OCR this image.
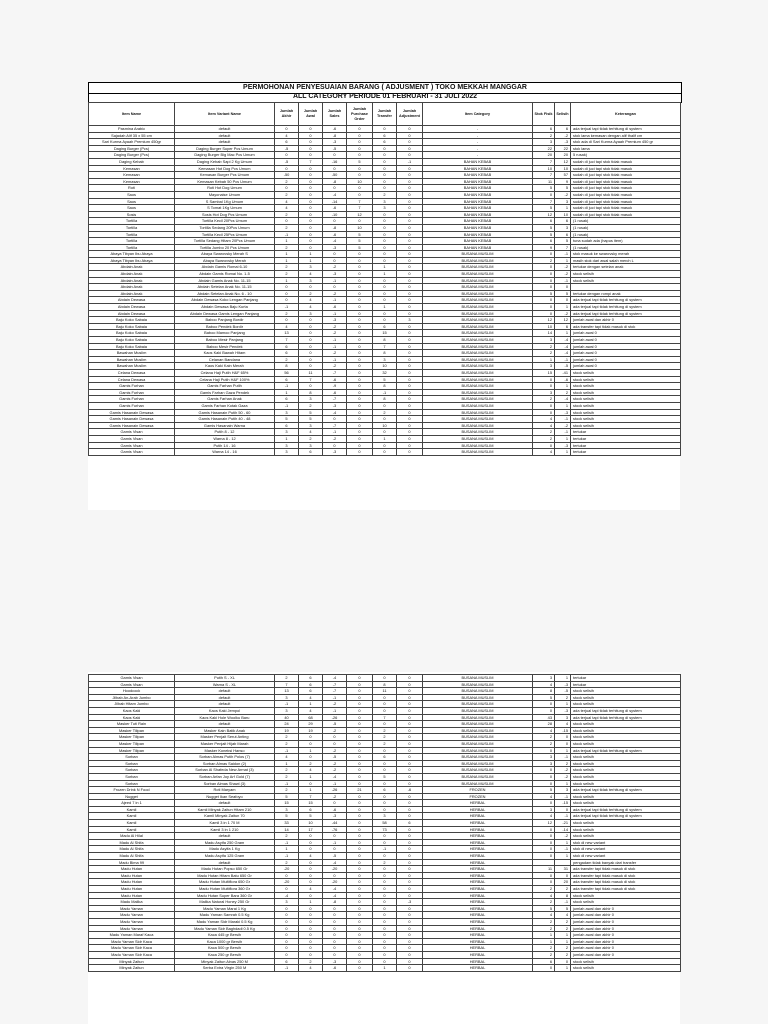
PERMOHONAN PENYESUAIAN BARANG ( ADJUSMENT ) TOKO MEKKAH MANGGAR
ALL CATEGORY PERIODE 01 FEBRUARI - 31 JULI 2022
Item Name	Item Variant Name	Jumlah Akhir	Jumlah Awal	Jumlah Sales	Jumlah Purchase Order	Jumlah Transfer	Jumlah Adjustment	Item Category	Stok Fisik	Selisih	Keterangan
Pasmina Arabic	default	0	0	-6	0	0	0	-	6	6	ada terjual tapi tidak terhitung di system
Sajadah Alif 35 x 55 cm	default	4	0	-8	0	6	0	-	2	-2	stok lama kemasan dengan alif thalif cm
Sari Kurma Ayaah Premium 450gr	default	6	0	-3	0	6	0	-	3	-3	stok ada di Sari Kurma Ayaah Premium 450 gr
Daging Burger (Pcs)	Daging Burger Super Pcs Umum	-5	0	-5	0	0	0	-	22	22	stok lama
Daging Burger (Pcs)	Daging Burger Big Mac Pcs Umum	0	0	0	0	0	0	-	20	20	5 rusak)
Daging Kebab	Daging Kebab Sapi 2 Kg Umum	-5	7	-16	5	0	-1	BAHAN KEBAB	7	12	sudah di juci tapi stok tidak masuk
Kemasan	Kemasan Hot Dog Pcs Umum	0	0	0	0	0	0	BAHAN KEBAB	10	10	sudah di juci tapi stok tidak masuk
Kemasan	Kemasan Burger Pcs Umum	-50	0	-50	0	0	0	BAHAN KEBAB	7	57	sudah di juci tapi stok tidak masuk
Kemasan	Kemasan Kebab 50 Pcs Umum	2	0	-8	10	0	0	BAHAN KEBAB	11	9	sudah di juci tapi stok tidak masuk
Roti	Roti Hot Dog Umum	0	0	0	0	0	0	BAHAN KEBAB	5	5	sudah di juci tapi stok tidak masuk
Saos	Mayonaise Umum	2	0	-4	0	2	0	BAHAN KEBAB	0	-2	sudah di juci tapi stok tidak masuk
Saos	S Sambal 1Kg Umum	4	0	-14	7	3	0	BAHAN KEBAB	7	3	sudah di juci tapi stok tidak masuk
Saos	S Tomat 1Kg Umum	4	0	-6	7	3	0	BAHAN KEBAB	5	1	sudah di juci tapi stok tidak masuk
Sosis	Sosis Hot Dog Pcs Umum	2	0	-10	12	0	0	BAHAN KEBAB	12	10	sudah di juci tapi stok tidak masuk
Tortilla	Tortilla Kecil 20Pcs Umum	0	0	0	0	0	0	BAHAN KEBAB	6	6	(1 rusak)
Tortilla	Tortilla Sedang 20Pcs Umum	2	0	-8	10	0	0	BAHAN KEBAB	5	3	(1 rusak)
Tortilla	Tortilla Kecil 25Pcs Umum	-1	0	-6	5	0	0	BAHAN KEBAB	5	6	(1 rusak)
Tortilla	Tortilla Sedang Hitam 20Pcs Umum	1	0	-4	5	0	0	BAHAN KEBAB	6	5	tuna sudah ada (hapus item)
Tortilla	Tortilla Jumbo 20 Pcs Umum	2	0	-3	5	0	0	BAHAN KEBAB	9	7	(1 rusak)
Abaya Tibyan Ibu Abaya	Abaya Swarovsky Merah S	1	1	0	0	0	0	BUSANA MUSLIM	0	-1	stok masuk ke swarovsky merah
Abaya Tibyan Ibu Abaya	Abaya Swarovsky Merah	1	1	0	0	0	0	BUSANA MUSLIM	2	1	masih stok dari awal salah merch L
Abdain Anak	Abdain Gamis Romai 6-10	2	3	-2	0	1	0	BUSANA MUSLIM	0	-2	tertukar dengan setelan anak
Abdain Anak	Abdain Gamis Romai No. 1-5	2	4	-3	0	1	0	BUSANA MUSLIM	0	-2	stock selisih
Abdain Anak	Abdain Gamis Anak No. 11-15	1	3	-1	0	0	0	BUSANA MUSLIM	0	-1	stock selisih
Abdain Anak	Abdain Setelan Anak No. 11-15	0	0	0	0	0	0	BUSANA MUSLIM	0	0	
Abdain Anak	Abdain Setelan Anak No. 6 - 10	0	2	-2	0	0	0	BUSANA MUSLIM	5	5	tertukar dengan rompi anak
Abdain Dewasa	Abdain Dewasa Koko Lengan Panjang	0	4	-1	0	0	0	BUSANA MUSLIM	0	0	ada terjual tapi tidak terhitung di system
Abdain Dewasa	Abdain Dewasa Baju Kurta	-1	4	-6	0	1	0	BUSANA MUSLIM	0	1	ada terjual tapi tidak terhitung di system
Abdain Dewasa	Abdain Dewasa Gamis Lengan Panjang	2	3	-1	0	0	0	BUSANA MUSLIM	0	-2	ada terjual tapi tidak terhitung di system
Baju Koko Sabaia	Baboo Panjang Bordir	0	0	-3	0	0	3	BUSANA MUSLIM	12	12	jumlah awal dan akhir 0
Baju Koko Sabaia	Baboo Pendek Bordir	4	0	-2	0	6	0	BUSANA MUSLIM	10	6	ada transfer tapi tidak masuk di stok
Baju Koko Sabaia	Baboo Mamoo Panjang	13	0	-2	0	15	0	BUSANA MUSLIM	14	1	jumlah awal 0
Baju Koko Sabaia	Baboo Mesir Panjang	7	0	-1	0	8	0	BUSANA MUSLIM	3	-4	jumlah awal 0
Baju Koko Sabaia	Baboo Mesir Pendek	6	0	-1	0	7	0	BUSANA MUSLIM	2	-4	jumlah awal 0
Bawahan Muslim	Kaos Kaki Bawah Hitam	6	0	-2	0	8	0	BUSANA MUSLIM	2	-4	jumlah awal 0
Bawahan Muslim	Celanan Bandana	2	0	-1	0	3	0	BUSANA MUSLIM	1	-1	jumlah awal 0
Bawahan Muslim	Kaos Kaki Kain Merah	8	0	-2	0	10	0	BUSANA MUSLIM	3	-5	jumlah awal 0
Celana Dewasa	Celana Haji Putih H&F 65%	56	11	-7	0	32	0	BUSANA MUSLIM	15	-41	stock selisih
Celana Dewasa	Celana Haji Putih H&F 100%	6	7	-6	0	5	0	BUSANA MUSLIM	0	-6	stock selisih
Gamis Furhan	Gamis Farhan Putih	-1	0	-9	0	8	0	BUSANA MUSLIM	0	1	stock selisih
Gamis Furhan	Gamis Farhan Gaza Pendek	1	8	-6	0	-1	0	BUSANA MUSLIM	3	2	stock selisih
Gamis Furhan	Gamis Farhan Anak	6	3	-7	0	8	0	BUSANA MUSLIM	2	-4	stock selisih
Gamis Furhan	Gamis Farhan Kotak Gaza	-1	2	-3	0	0	0	BUSANA MUSLIM	0	1	stock selisih
Gamis Hasanain Dewasa	Gamis Hasanain Putih 50 - 60	3	5	-4	0	2	0	BUSANA MUSLIM	0	-3	stock selisih
Gamis Hasanain Dewasa	Gamis Hasanain Putih 40 - 48	5	5	0	0	0	0	BUSANA MUSLIM	4	-1	stock selisih
Gamis Hasanain Dewasa	Gamis Hasanain Warna	6	3	-7	0	10	0	BUSANA MUSLIM	4	-2	stock selisih
Gamis Visan	Putih 8 - 12	3	4	-1	0	0	0	BUSANA MUSLIM	2	-1	tertukar
Gamis Visan	Warna 8 - 12	1	2	-2	0	1	0	BUSANA MUSLIM	2	1	tertukar
Gamis Visan	Putih 14 - 16	3	3	0	0	0	0	BUSANA MUSLIM	0	-3	tertukar
Gamis Visan	Warna 14 - 16	3	6	-3	0	0	0	BUSANA MUSLIM	4	1	tertukar
Gamis Visan	Putih S - XL	2	6	-4	0	0	0	BUSANA MUSLIM	3	1	tertukar
Gamis Visan	Warna S - XL	7	6	-7	0	8	0	BUSANA MUSLIM	4	-3	tertukar
Hoodcock	default	13	6	-7	0	11	0	BUSANA MUSLIM	8	-5	stock selisih
Jilbab An-Arab Jumbo	default	3	4	-1	0	0	0	BUSANA MUSLIM	5	2	stock selisih
Jilbab Hitam Jumbo	default	-1	1	-2	0	0	0	BUSANA MUSLIM	0	1	stock selisih
Kaos Kaki	Kaos Kaki Jempol	3	4	-1	0	0	0	BUSANA MUSLIM	0	-3	ada terjual tapi tidak terhitung di system
Kaos Kaki	Kaos Kaki Hole Woolku Baru	40	68	-26	0	7	0	BUSANA MUSLIM	43	3	ada terjual tapi tidak terhitung di system
Masker Tuti Rain	default	24	29	-5	0	0	0	BUSANA MUSLIM	28	4	stock selisih
Masker Tilipan	Masker Kain Batik Anak	19	19	-2	0	2	0	BUSANA MUSLIM	4	-15	stock selisih
Masker Tilipan	Masker Penjait Serut Anting	2	0	0	0	2	0	BUSANA MUSLIM	2	0	stock selisih
Masker Tilipan	Masker Penjait Hijab Marah	2	0	0	0	2	0	BUSANA MUSLIM	2	0	stock selisih
Masker Tilipan	Masker Koneksi Hanso	-1	1	-2	0	0	0	BUSANA MUSLIM	0	1	ada terjual tapi tidak terhitung di system
Sorban	Sorban Almas Putih Polos (7)	4	0	-5	0	6	0	BUSANA MUSLIM	3	-1	stock selisih
Sorban	Sorban Almas Saidon (2)	1	2	-2	0	0	0	BUSANA MUSLIM	3	2	stock selisih
Sorban	Sorban Al Shafeda New Armat (3)	2	4	-2	0	0	0	BUSANA MUSLIM	0	-2	stock selisih
Sorban	Sorban Arfan Joy Arf Gold (7)	2	1	-4	0	5	0	BUSANA MUSLIM	0	-2	stock selisih
Sorban	Sorban Almas Shawl (3)	-1	0	-1	0	0	0	BUSANA MUSLIM	0	1	stock selisih
Frozen Drink N Food	Roti Maryam	2	1	-26	21	6	-6	FROZEN	5	3	ada terjual tapi tidak terhitung di system
Nugget	Nugget Ikan Seafoyo	5	7	-2	0	0	0	FROZEN	4	-1	stock selisih
Ajeed 7 in 1	default	15	15	0	0	0	0	HERBAL	0	-15	stock selisih
Kamil	Kamil Minyak Zaitun Hitam 210	3	6	-6	0	0	0	HERBAL	3	0	ada terjual tapi tidak terhitung di system
Kamil	Kamil Minyak Zaitun 70	5	5	-3	0	3	0	HERBAL	4	-1	ada terjual tapi tidak terhitung di system
Kamil	Kamil 3 in 1 70 M	33	10	-44	0	58	6	HERBAL	12	-21	stock selisih
Kamil	Kamil 3 in 1 210	14	17	-76	0	73	0	HERBAL	0	-14	stock selisih
Madu Al Hilal	default	2	0	0	0	0	0	HERBAL	0	-2	stock selisih
Madu Al Shifa	Madu Asyifa 250 Gram	-1	0	-1	0	0	0	HERBAL	0	1	stok di new variant
Madu Al Shifa	Madu Asyifa 1 Kg	1	0	0	0	-1	0	HERBAL	0	-1	stok di new variant
Madu Al Shifa	Madu Asyifa 125 Gram	-1	4	-5	0	0	0	HERBAL	0	1	stok di new variant
Madu Bima 99	default	2	0	-4	0	2	0	HERBAL			pengadam tidak banyak dari transfer
Madu Hutan	Madu Hutan Popso 650 Gr	-20	0	-20	0	0	0	HERBAL	11	31	ada transfer tapi tidak masuk di stok
Madu Hutan	Madu Hutan Hitam Batu 650 Gr	0	0	0	0	0	0	HERBAL	0	0	ada transfer tapi tidak masuk di stok
Madu Hutan	Madu Hutan Multiflora 650 Gr	-20	0	-20	0	0	0	HERBAL	0	20	ada transfer tapi tidak masuk di stok
Madu Hutan	Madu Hutan Multiflora 360 Gr	0	4	-4	0	0	0	HERBAL	2	2	ada transfer tapi tidak masuk di stok
Madu Hutan	Madu Hutan Super Bara 360 Gr	-4	0	-4	0	0	0	HERBAL	4	8	stock selisih
Madu Malika	Malika Natural Honey 250 Gr	3	1	-8	0	0	-3	HERBAL	2	-1	stock selisih
Madu Yaman	Madu Yaman Marai 1 Kg	0	0	0	0	0	0	HERBAL	5	5	jumlah awal dan akhir 0
Madu Yaman	Madu Yaman Samrah 0.5 Kg	0	0	0	0	0	0	HERBAL	4	4	jumlah awal dan akhir 0
Madu Yaman	Madu Yaman Sidr Maraki 0.5 Kg	0	0	0	0	0	0	HERBAL	2	2	jumlah awal dan akhir 0
Madu Yaman	Madu Yaman Sidr Baghdadi 0.5 Kg	0	0	0	0	0	0	HERBAL	2	2	jumlah awal dan akhir 0
Madu Yaman Maraf Kaca	Kaca 445 gr Bersih	0	0	0	0	0	0	HERBAL	1	1	jumlah awal dan akhir 0
Madu Yaman Sidr Kaca	Kaca 1000 gr Bersih	0	0	0	0	0	0	HERBAL	1	1	jumlah awal dan akhir 0
Madu Yaman Sidr Kaca	Kaca 500 gr Bersih	0	0	0	0	0	0	HERBAL	2	2	jumlah awal dan akhir 0
Madu Yaman Sidr Kaca	Kaca 250 gr Bersih	0	0	0	0	0	0	HERBAL	2	2	jumlah awal dan akhir 0
Minyak Zaitun	Minyak Zaitun Alnas 250 M	6	2	-3	0	0	0	HERBAL	6	0	stock selisih
Minyak Zaitun	Serba Extra Virgin 250 M	-1	4	-6	0	1	0	HERBAL	0	1	stock selisih
